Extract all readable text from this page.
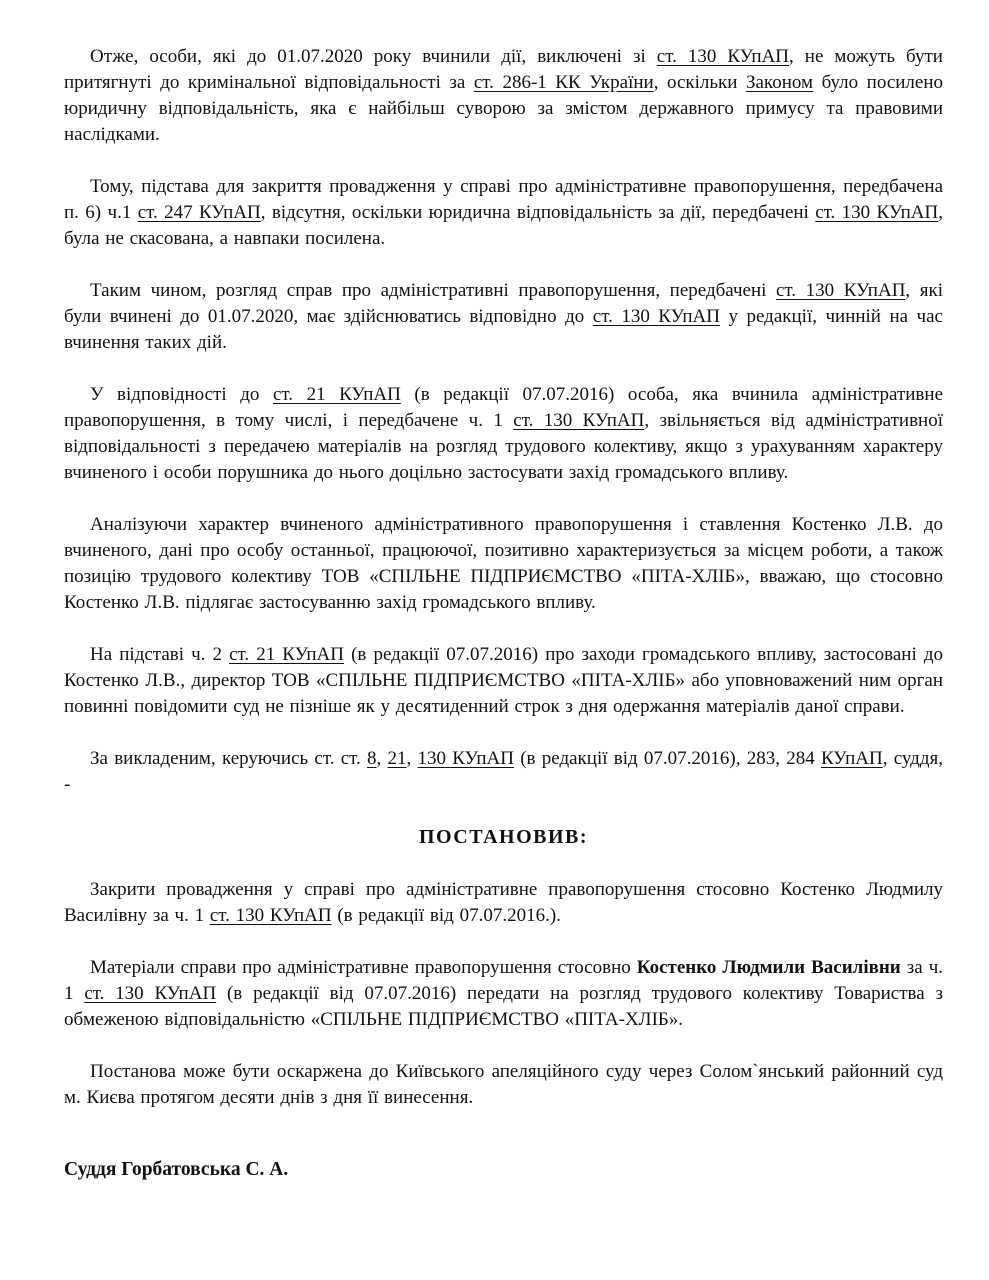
Отже, особи, які до 01.07.2020 року вчинили дії, виключені зі ст. 130 КУпАП, не можуть бути притягнуті до кримінальної відповідальності за ст. 286-1 КК України, оскільки Законом було посилено юридичну відповідальність, яка є найбільш суворою за змістом державного примусу та правовими наслідками.

Тому, підстава для закриття провадження у справі про адміністративне правопорушення, передбачена п. 6) ч.1 ст. 247 КУпАП, відсутня, оскільки юридична відповідальність за дії, передбачені ст. 130 КУпАП, була не скасована, а навпаки посилена.

Таким чином, розгляд справ про адміністративні правопорушення, передбачені ст. 130 КУпАП, які були вчинені до 01.07.2020, має здійснюватись відповідно до ст. 130 КУпАП у редакції, чинній на час вчинення таких дій.

У відповідності до ст. 21 КУпАП (в редакції 07.07.2016) особа, яка вчинила адміністративне правопорушення, в тому числі, і передбачене ч. 1 ст. 130 КУпАП, звільняється від адміністративної відповідальності з передачею матеріалів на розгляд трудового колективу, якщо з урахуванням характеру вчиненого і особи порушника до нього доцільно застосувати захід громадського впливу.

Аналізуючи характер вчиненого адміністративного правопорушення і ставлення Костенко Л.В. до вчиненого, дані про особу останньої, працюючої, позитивно характеризується за місцем роботи, а також позицію трудового колективу ТОВ «СПІЛЬНЕ ПІДПРИЄМСТВО «ПІТА-ХЛІБ», вважаю, що стосовно Костенко Л.В. підлягає застосуванню захід громадського впливу.

На підставі ч. 2 ст. 21 КУпАП (в редакції 07.07.2016) про заходи громадського впливу, застосовані до Костенко Л.В., директор ТОВ «СПІЛЬНЕ ПІДПРИЄМСТВО «ПІТА-ХЛІБ» або уповноважений ним орган повинні повідомити суд не пізніше як у десятиденний строк з дня одержання матеріалів даної справи.

За викладеним, керуючись ст. ст. 8, 21, 130 КУпАП (в редакції від 07.07.2016), 283, 284 КУпАП, суддя, -

ПОСТАНОВИВ:

Закрити провадження у справі про адміністративне правопорушення стосовно Костенко Людмилу Василівну за ч. 1 ст. 130 КУпАП (в редакції від 07.07.2016.).

Матеріали справи про адміністративне правопорушення стосовно Костенко Людмили Василівни за ч. 1 ст. 130 КУпАП (в редакції від 07.07.2016) передати на розгляд трудового колективу Товариства з обмеженою відповідальністю «СПІЛЬНЕ ПІДПРИЄМСТВО «ПІТА-ХЛІБ».

Постанова може бути оскаржена до Київського апеляційного суду через Солом`янський районний суд м. Києва протягом десяти днів з дня її винесення.

Суддя Горбатовська С. А.
